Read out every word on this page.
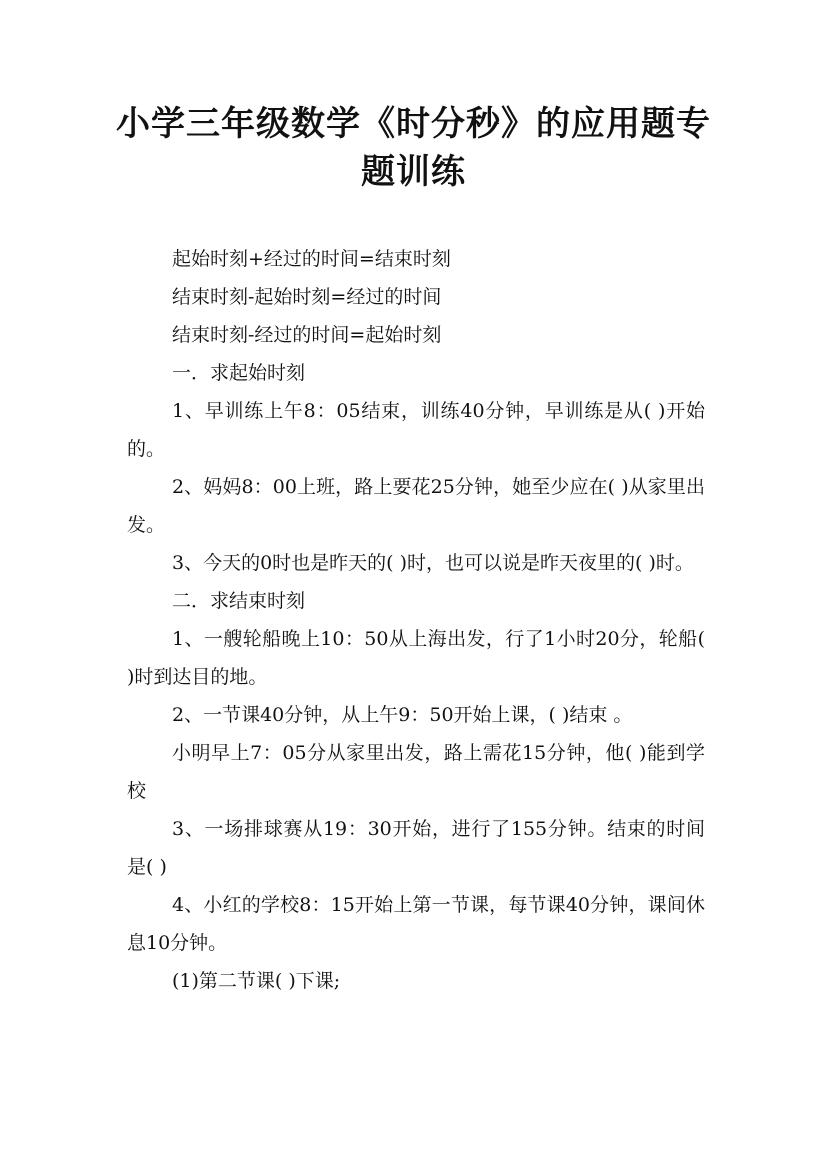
小学三年级数学《时分秒》的应用题专题训练
起始时刻+经过的时间=结束时刻
结束时刻-起始时刻=经过的时间
结束时刻-经过的时间=起始时刻
一．求起始时刻

1、早训练上午8：05结束，训练40分钟，早训练是从( )开始的。

2、妈妈8：00上班，路上要花25分钟，她至少应在( )从家里出发。

3、今天的0时也是昨天的( )时，也可以说是昨天夜里的( )时。

二．求结束时刻

1、一艘轮船晚上10：50从上海出发，行了1小时20分，轮船( )时到达目的地。

2、一节课40分钟，从上午9：50开始上课，( )结束 。

小明早上7：05分从家里出发，路上需花15分钟，他( )能到学校

3、一场排球赛从19：30开始，进行了155分钟。结束的时间是( )

4、小红的学校8：15开始上第一节课，每节课40分钟，课间休息10分钟。

(1)第二节课( )下课;
